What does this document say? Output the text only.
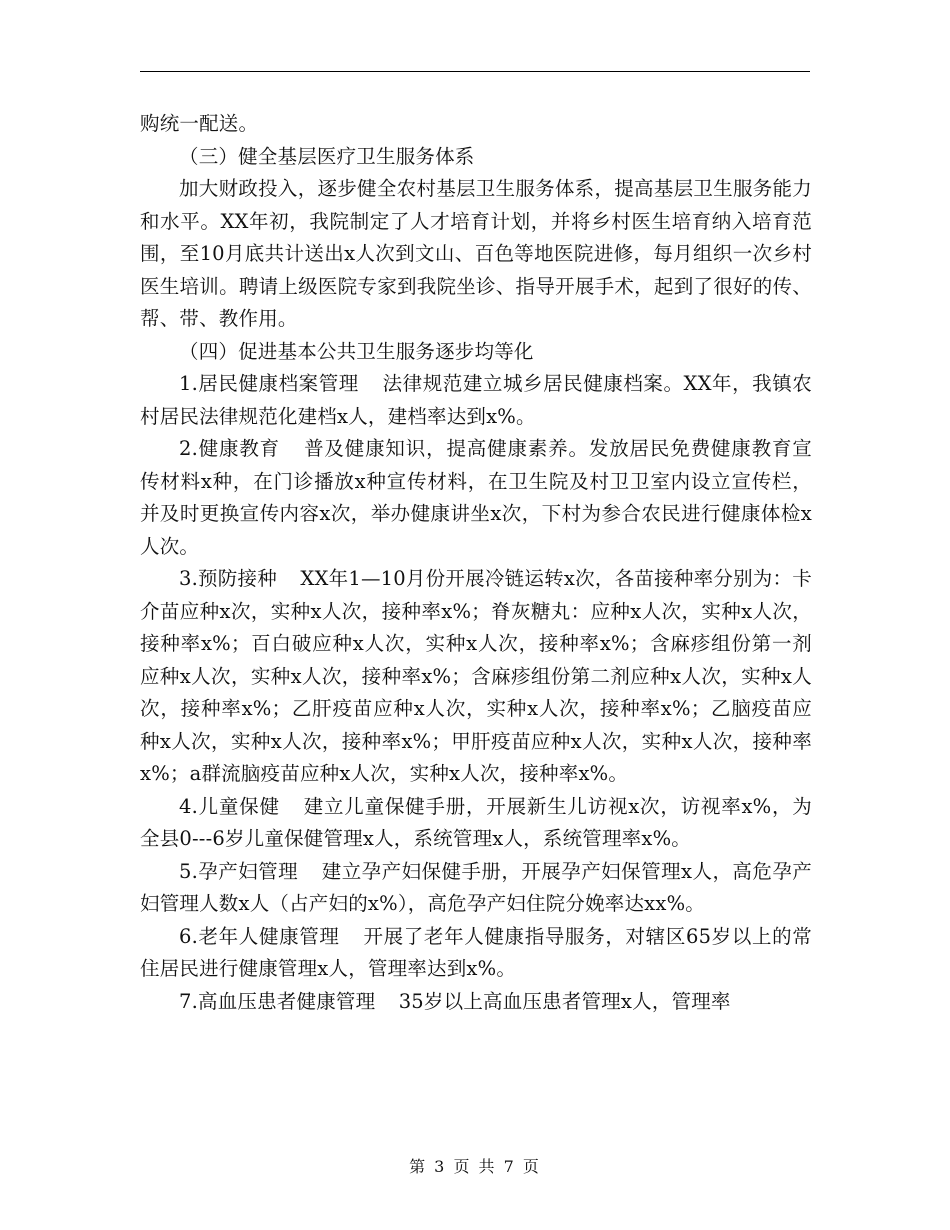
购统一配送。

（三）健全基层医疗卫生服务体系

加大财政投入，逐步健全农村基层卫生服务体系，提高基层卫生服务能力和水平。XX年初，我院制定了人才培育计划，并将乡村医生培育纳入培育范围，至10月底共计送出x人次到文山、百色等地医院进修，每月组织一次乡村医生培训。聘请上级医院专家到我院坐诊、指导开展手术，起到了很好的传、帮、带、教作用。

（四）促进基本公共卫生服务逐步均等化

1.居民健康档案管理 法律规范建立城乡居民健康档案。XX年，我镇农村居民法律规范化建档x人，建档率达到x%。

2.健康教育 普及健康知识，提高健康素养。发放居民免费健康教育宣传材料x种，在门诊播放x种宣传材料，在卫生院及村卫卫室内设立宣传栏，并及时更换宣传内容x次，举办健康讲坐x次，下村为参合农民进行健康体检x人次。

3.预防接种 XX年1—10月份开展冷链运转x次，各苗接种率分别为：卡介苗应种x次，实种x人次，接种率x%；脊灰糖丸：应种x人次，实种x人次，接种率x%；百白破应种x人次，实种x人次，接种率x%；含麻疹组份第一剂应种x人次，实种x人次，接种率x%；含麻疹组份第二剂应种x人次，实种x人次，接种率x%；乙肝疫苗应种x人次，实种x人次，接种率x%；乙脑疫苗应种x人次，实种x人次，接种率x%；甲肝疫苗应种x人次，实种x人次，接种率x%；a群流脑疫苗应种x人次，实种x人次，接种率x%。

4.儿童保健 建立儿童保健手册，开展新生儿访视x次，访视率x%，为全县0---6岁儿童保健管理x人，系统管理x人，系统管理率x%。

5.孕产妇管理 建立孕产妇保健手册，开展孕产妇保管理x人，高危孕产妇管理人数x人（占产妇的x%），高危孕产妇住院分娩率达xx%。

6.老年人健康管理 开展了老年人健康指导服务，对辖区65岁以上的常住居民进行健康管理x人，管理率达到x%。

7.高血压患者健康管理 35岁以上高血压患者管理x人，管理率

第 3 页 共 7 页
